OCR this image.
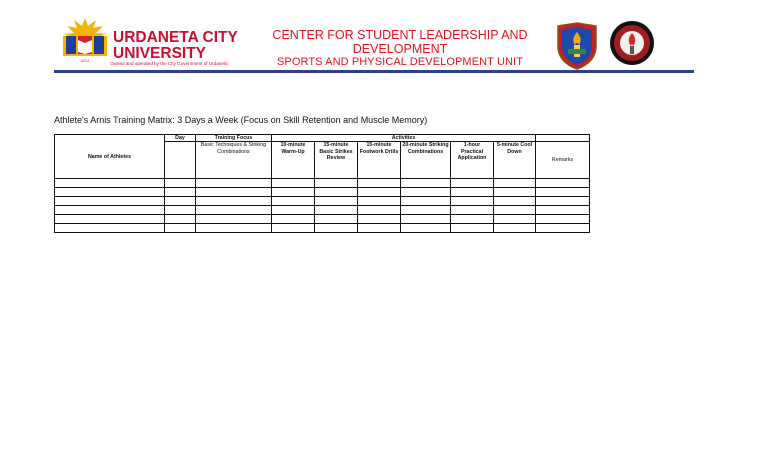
UCU
URDANETA CITY UNIVERSITY
Owned and operated by the City Government of Urdaneta
CENTER FOR STUDENT LEADERSHIP AND DEVELOPMENT
SPORTS AND PHYSICAL DEVELOPMENT UNIT
Athlete's Arnis Training Matrix: 3 Days a Week (Focus on Skill Retention and Muscle Memory)
Name of Athletes	Day	Training Focus	Activities						
		Basic Techniques & Striking Combinations	10-minute Warm-Up	15-minute Basic Strikes Review	15-minute Footwork Drills	20-minute Striking Combinations	1-hour Practical Application	5-minute Cool Down	Remarks
